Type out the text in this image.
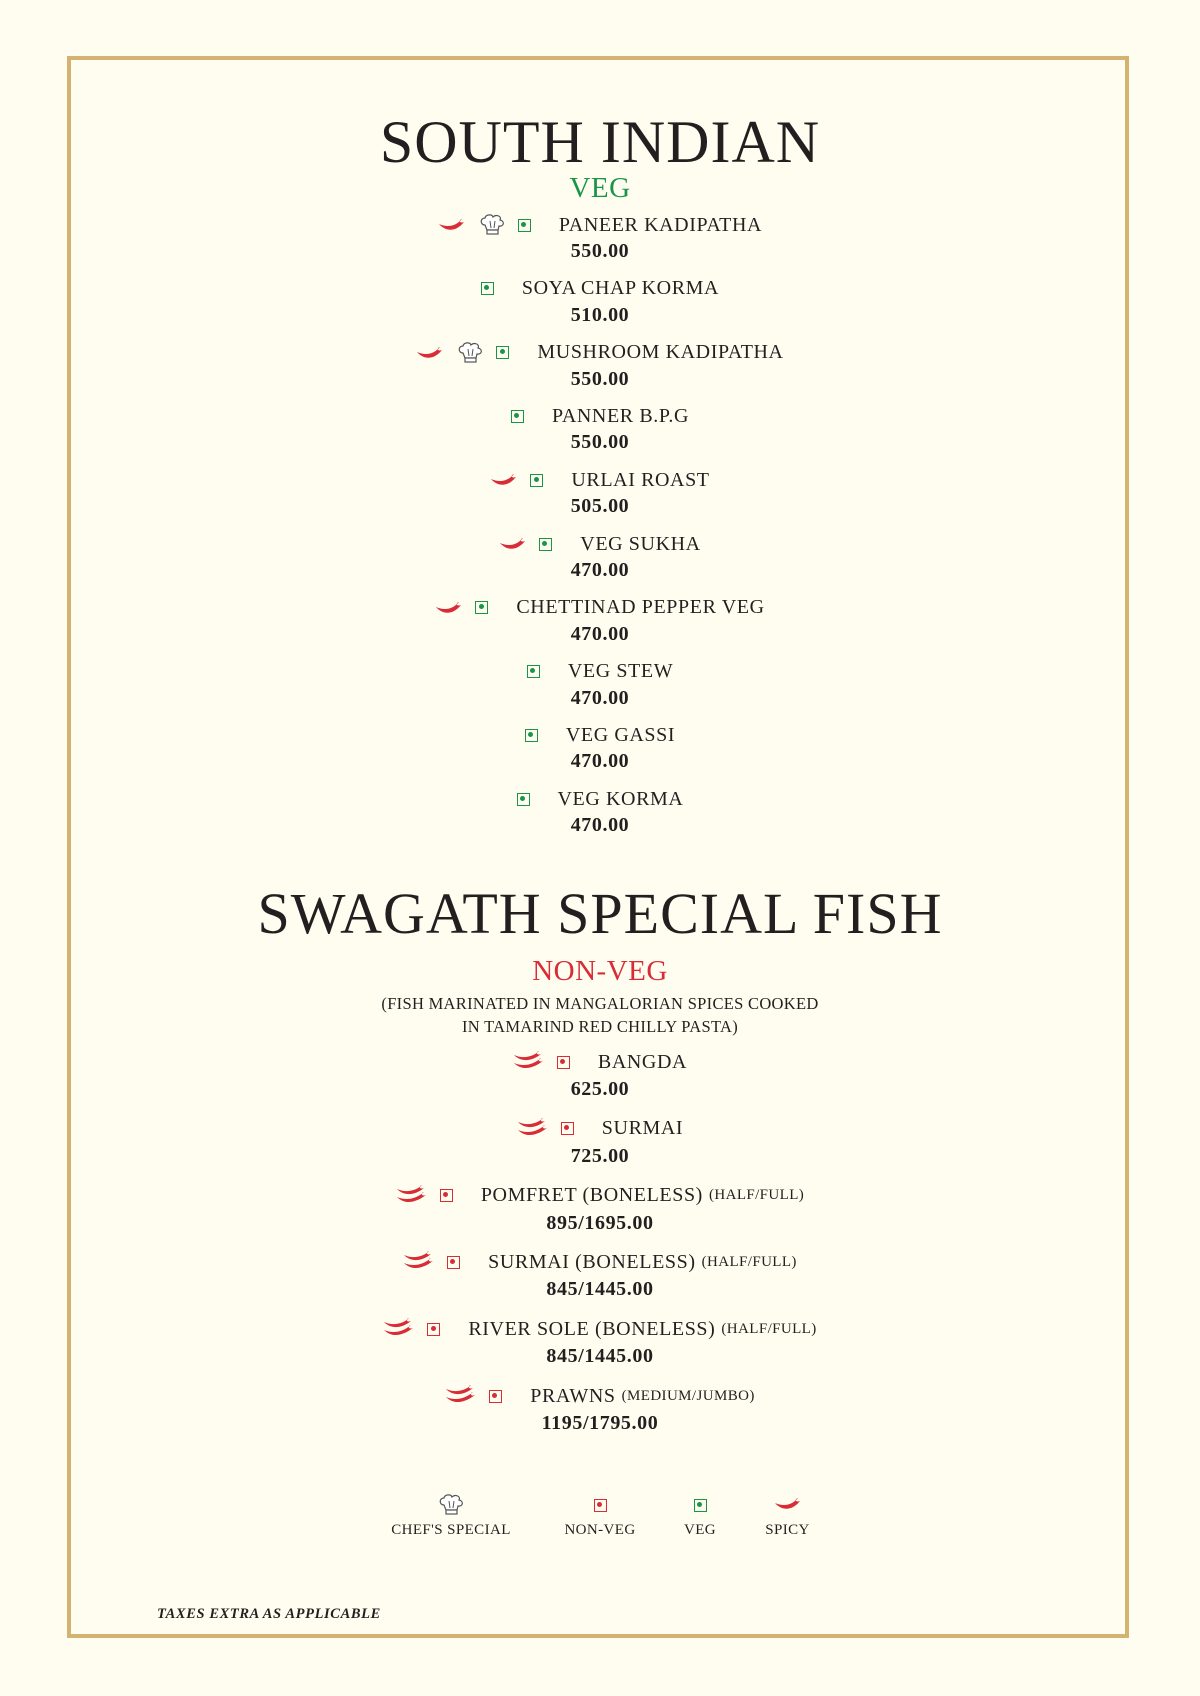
SOUTH INDIAN
VEG
PANEER KADIPATHA
550.00
SOYA CHAP KORMA
510.00
MUSHROOM KADIPATHA
550.00
PANNER B.P.G
550.00
URLAI ROAST
505.00
VEG SUKHA
470.00
CHETTINAD PEPPER VEG
470.00
VEG STEW
470.00
VEG GASSI
470.00
VEG KORMA
470.00
SWAGATH SPECIAL FISH
NON-VEG
(FISH MARINATED IN MANGALORIAN SPICES COOKED
IN TAMARIND RED CHILLY PASTA)
BANGDA
625.00
SURMAI
725.00
POMFRET (BONELESS) (HALF/FULL)
895/1695.00
SURMAI (BONELESS) (HALF/FULL)
845/1445.00
RIVER SOLE (BONELESS) (HALF/FULL)
845/1445.00
PRAWNS (MEDIUM/JUMBO)
1195/1795.00
CHEF'S SPECIAL	NON-VEG	VEG	SPICY
TAXES EXTRA AS APPLICABLE
